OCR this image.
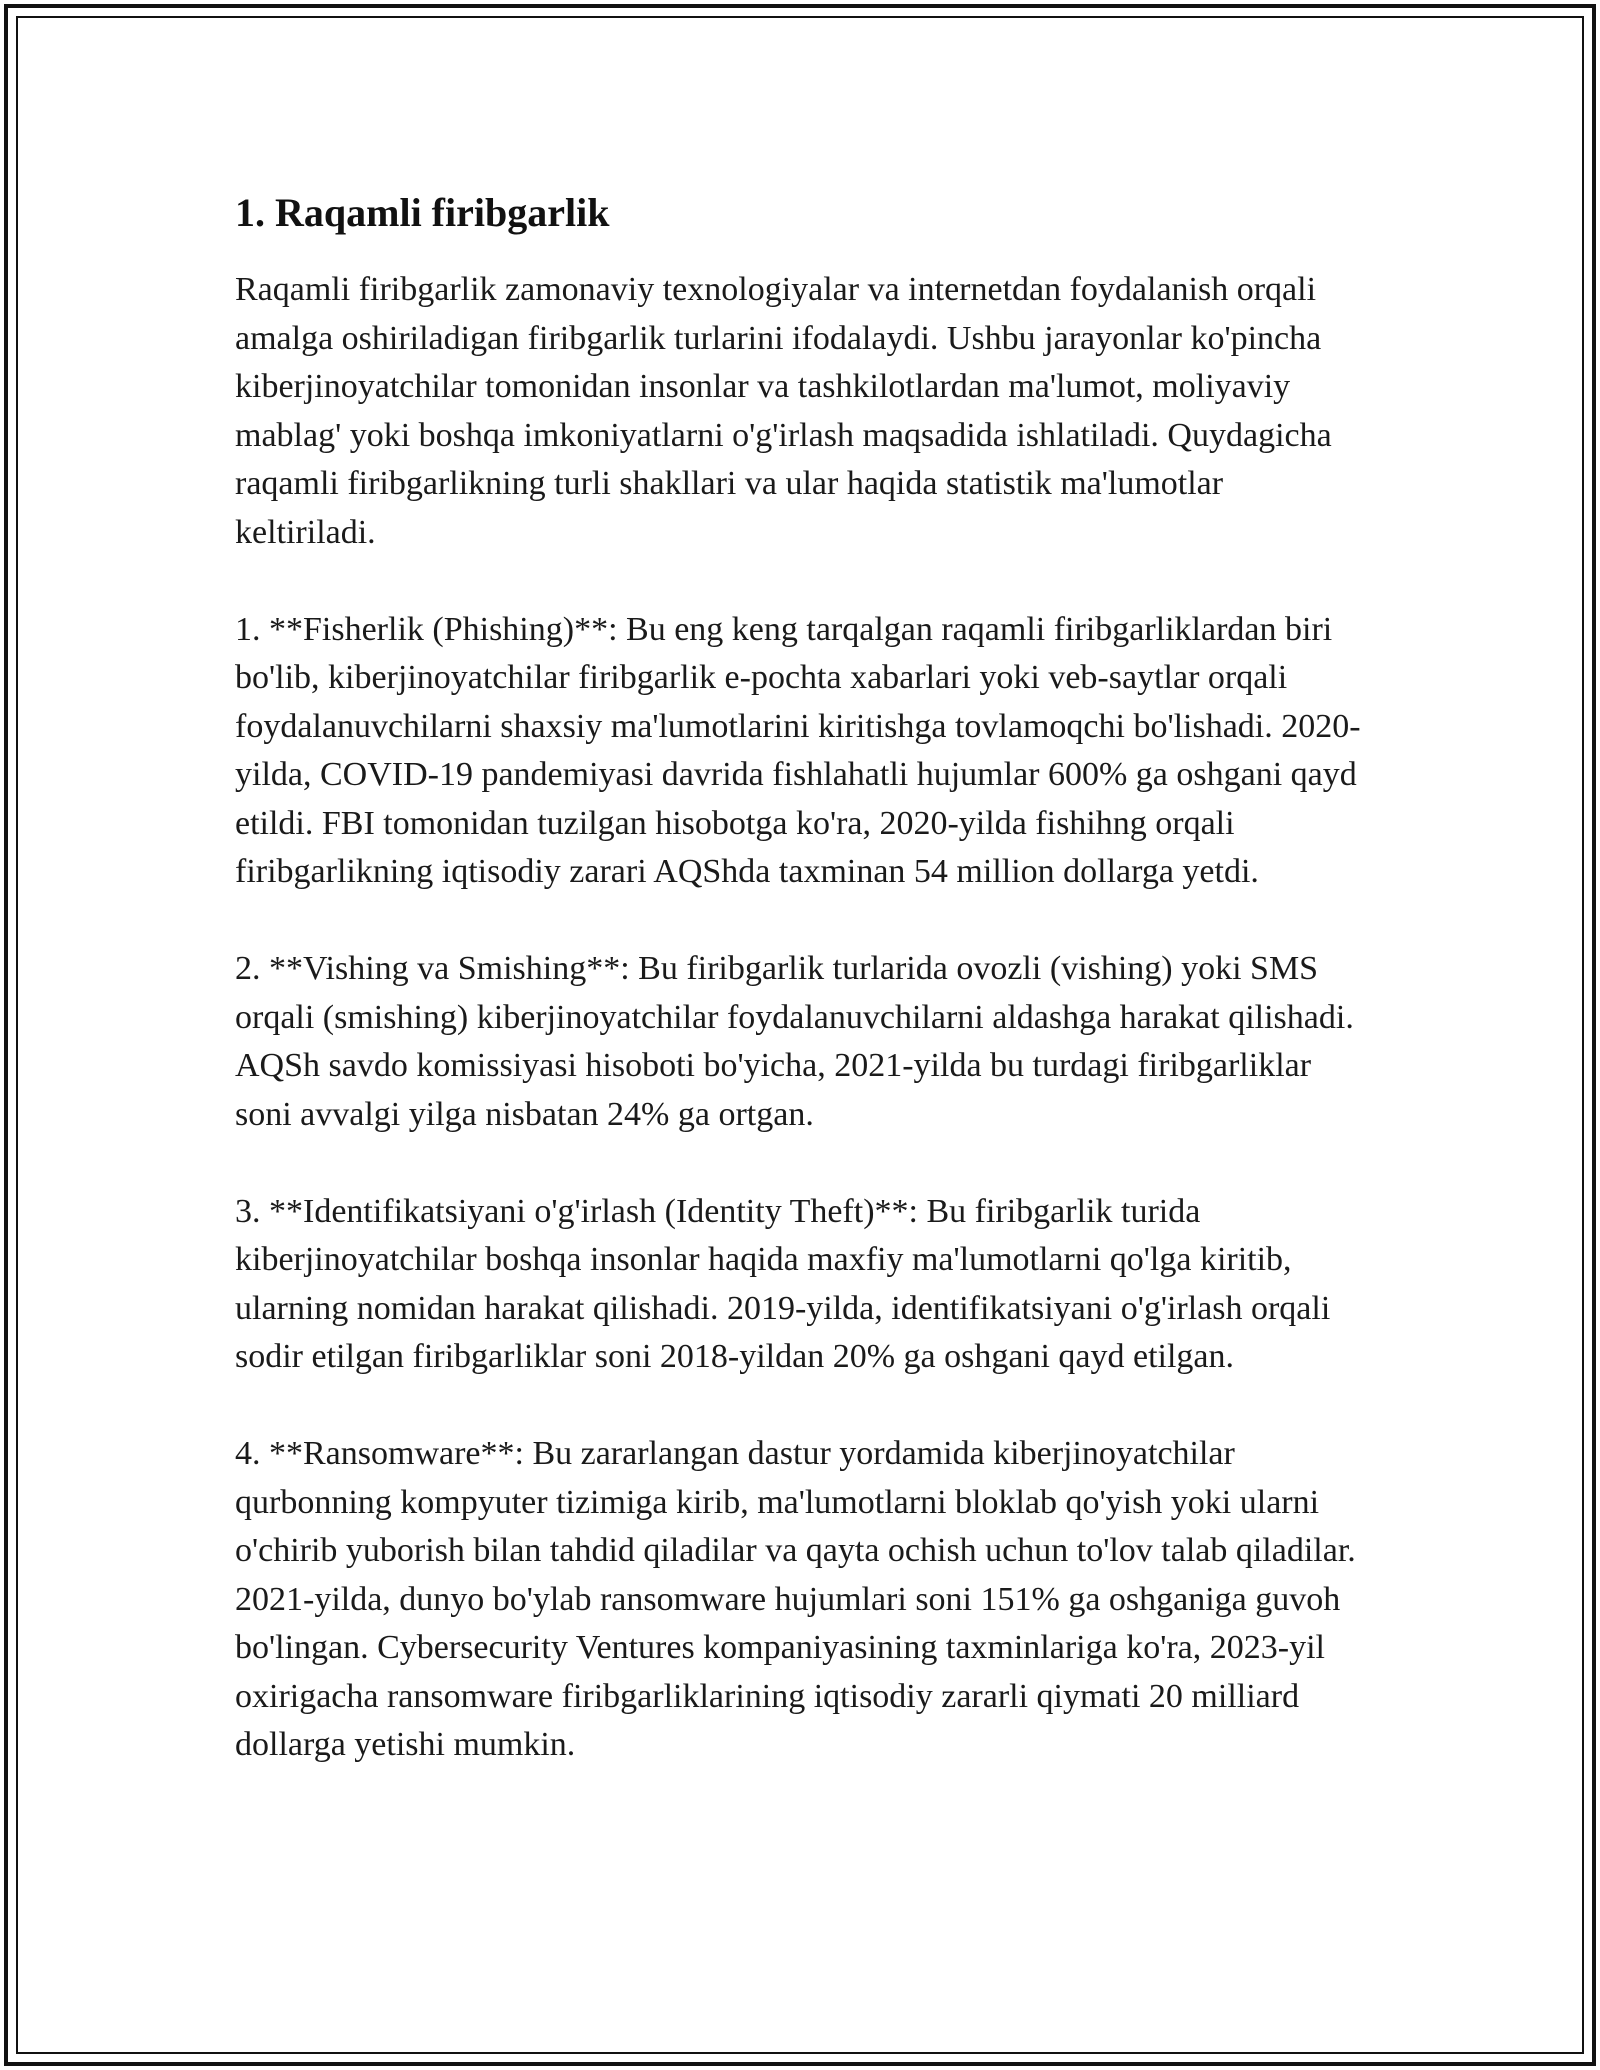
1. Raqamli firibgarlik

Raqamli firibgarlik zamonaviy texnologiyalar va internetdan foydalanish orqali amalga oshiriladigan firibgarlik turlarini ifodalaydi. Ushbu jarayonlar ko'pincha kiberjinoyatchilar tomonidan insonlar va tashkilotlardan ma'lumot, moliyaviy mablag' yoki boshqa imkoniyatlarni o'g'irlash maqsadida ishlatiladi. Quydagicha raqamli firibgarlikning turli shakllari va ular haqida statistik ma'lumotlar keltiriladi.

1. **Fisherlik (Phishing)**: Bu eng keng tarqalgan raqamli firibgarliklardan biri bo'lib, kiberjinoyatchilar firibgarlik e-pochta xabarlari yoki veb-saytlar orqali foydalanuvchilarni shaxsiy ma'lumotlarini kiritishga tovlamoqchi bo'lishadi. 2020-yilda, COVID-19 pandemiyasi davrida fishlahatli hujumlar 600% ga oshgani qayd etildi. FBI tomonidan tuzilgan hisobotga ko'ra, 2020-yilda fishihng orqali firibgarlikning iqtisodiy zarari AQShda taxminan 54 million dollarga yetdi.

2. **Vishing va Smishing**: Bu firibgarlik turlarida ovozli (vishing) yoki SMS orqali (smishing) kiberjinoyatchilar foydalanuvchilarni aldashga harakat qilishadi. AQSh savdo komissiyasi hisoboti bo'yicha, 2021-yilda bu turdagi firibgarliklar soni avvalgi yilga nisbatan 24% ga ortgan.

3. **Identifikatsiyani o'g'irlash (Identity Theft)**: Bu firibgarlik turida kiberjinoyatchilar boshqa insonlar haqida maxfiy ma'lumotlarni qo'lga kiritib, ularning nomidan harakat qilishadi. 2019-yilda, identifikatsiyani o'g'irlash orqali sodir etilgan firibgarliklar soni 2018-yildan 20% ga oshgani qayd etilgan.

4. **Ransomware**: Bu zararlangan dastur yordamida kiberjinoyatchilar qurbonning kompyuter tizimiga kirib, ma'lumotlarni bloklab qo'yish yoki ularni o'chirib yuborish bilan tahdid qiladilar va qayta ochish uchun to'lov talab qiladilar. 2021-yilda, dunyo bo'ylab ransomware hujumlari soni 151% ga oshganiga guvoh bo'lingan. Cybersecurity Ventures kompaniyasining taxminlariga ko'ra, 2023-yil oxirigacha ransomware firibgarliklarining iqtisodiy zararli qiymati 20 milliard dollarga yetishi mumkin.
